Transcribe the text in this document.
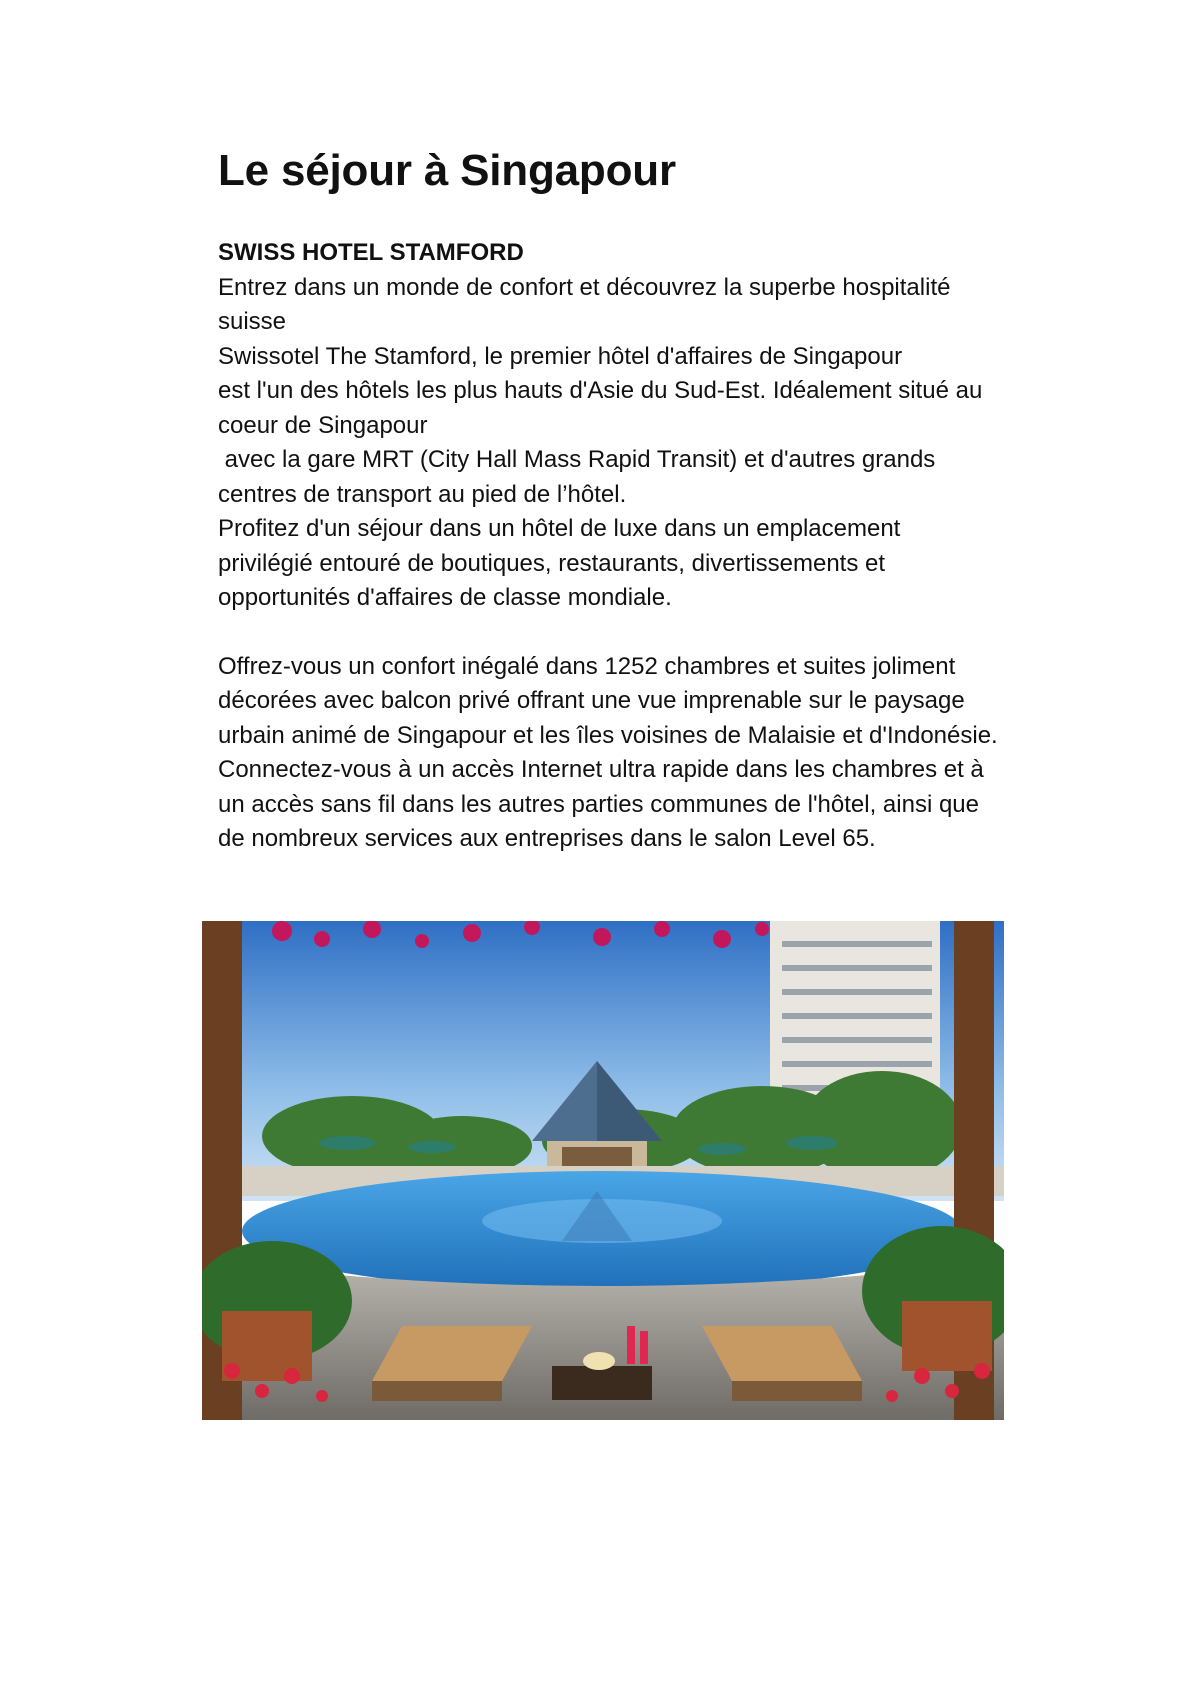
Le séjour à Singapour
SWISS HOTEL STAMFORD
Entrez dans un monde de confort et découvrez la superbe hospitalité
suisse
Swissotel The Stamford, le premier hôtel d'affaires de Singapour
est l'un des hôtels les plus hauts d'Asie du Sud-Est. Idéalement situé au
coeur de Singapour
avec la gare MRT (City Hall Mass Rapid Transit) et d'autres grands
centres de transport au pied de l’hôtel.
Profitez d'un séjour dans un hôtel de luxe dans un emplacement
privilégié entouré de boutiques, restaurants, divertissements et
opportunités d'affaires de classe mondiale.
Offrez-vous un confort inégalé dans 1252 chambres et suites joliment
décorées avec balcon privé offrant une vue imprenable sur le paysage
urbain animé de Singapour et les îles voisines de Malaisie et d'Indonésie.
Connectez-vous à un accès Internet ultra rapide dans les chambres et à
un accès sans fil dans les autres parties communes de l'hôtel, ainsi que
de nombreux services aux entreprises dans le salon Level 65.
